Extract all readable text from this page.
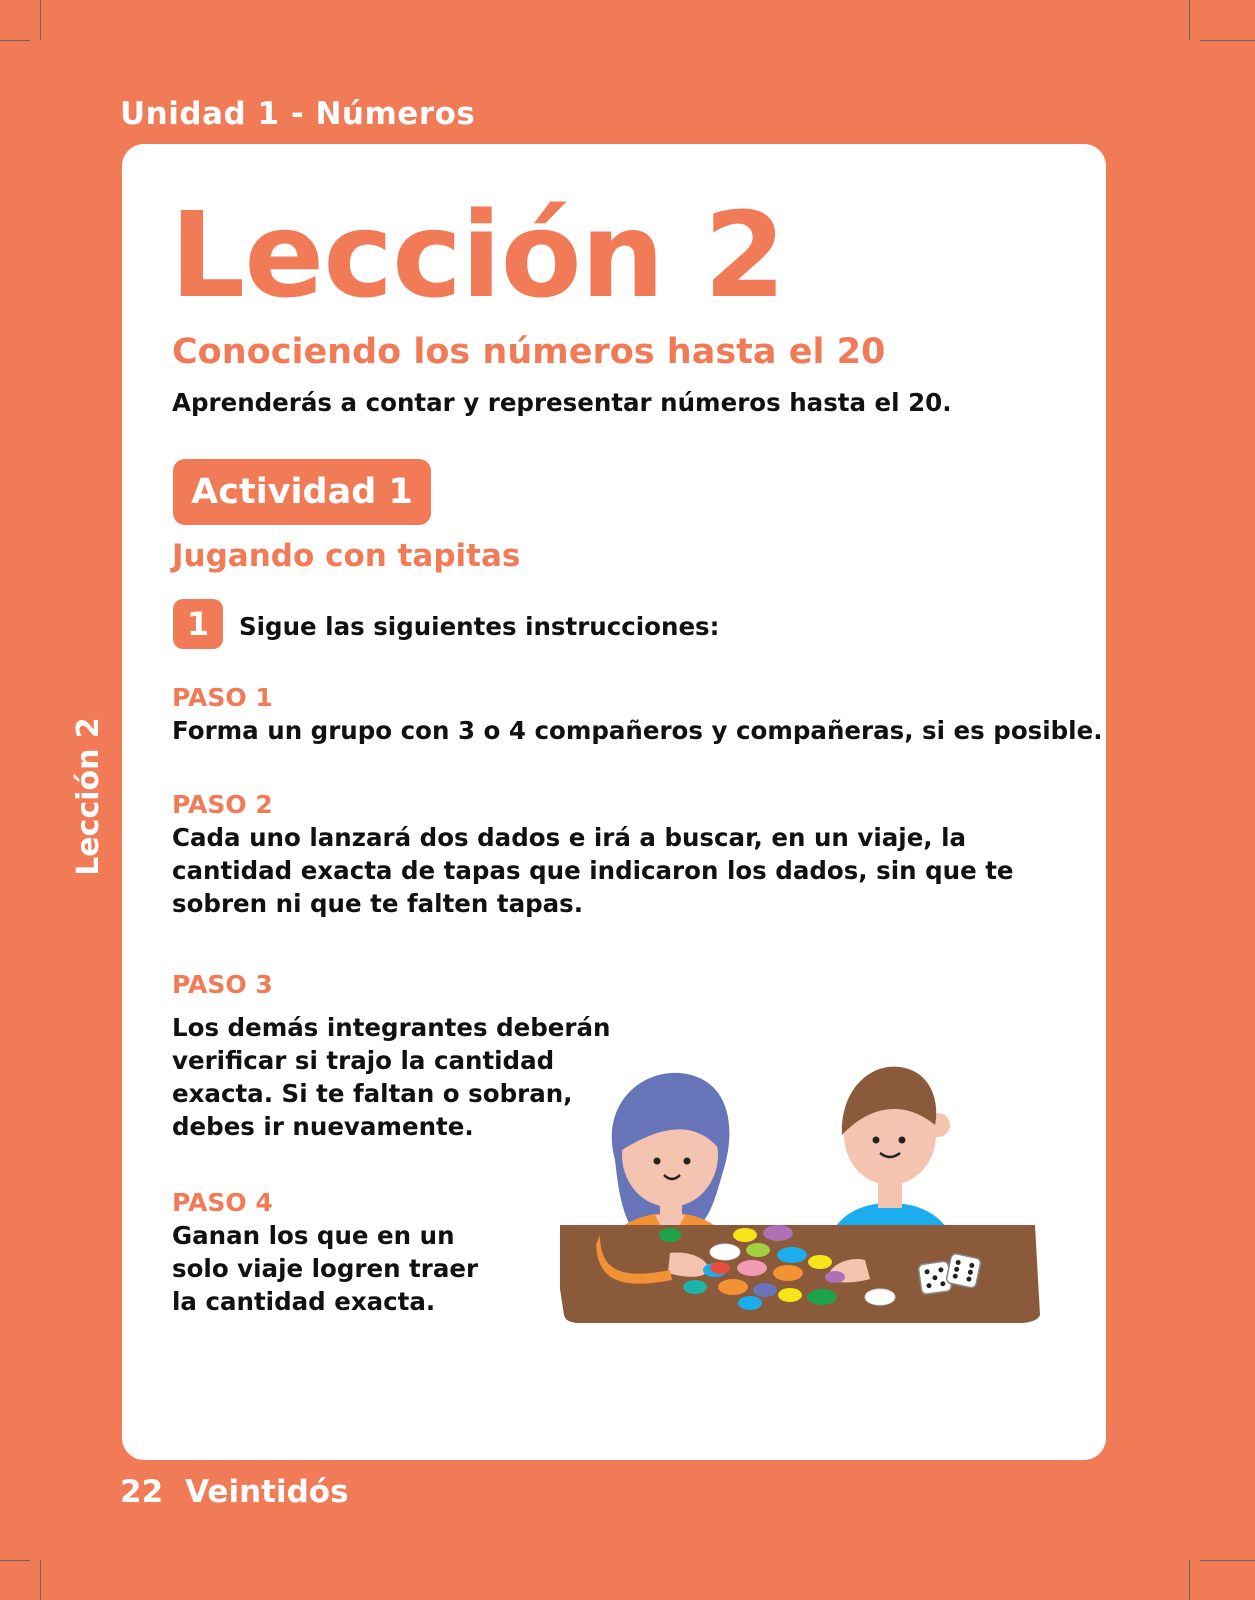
Unidad 1 - Números
Lección 2
Lección 2
Conociendo los números hasta el 20
Aprenderás a contar y representar números hasta el 20.
Actividad 1
Jugando con tapitas
1	Sigue las siguientes instrucciones:
PASO 1

Forma un grupo con 3 o 4 compañeros y compañeras, si es posible.

PASO 2

Cada uno lanzará dos dados e irá a buscar, en un viaje, la
cantidad exacta de tapas que indicaron los dados, sin que te
sobren ni que te falten tapas.

PASO 3

Los demás integrantes deberán
verificar si trajo la cantidad
exacta. Si te faltan o sobran,
debes ir nuevamente.

PASO 4

Ganan los que en un
solo viaje logren traer
la cantidad exacta.

22 Veintidós
